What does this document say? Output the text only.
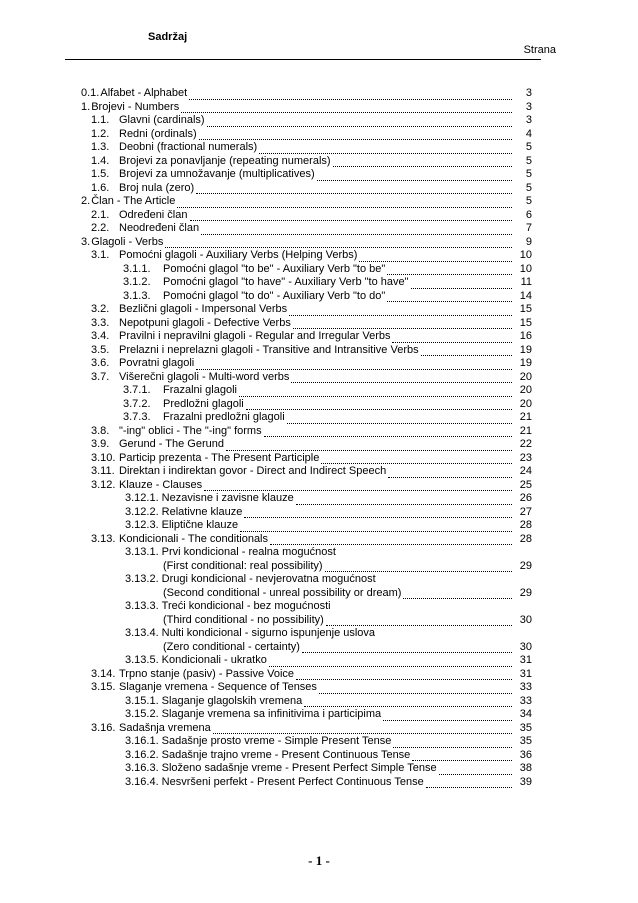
Sadržaj
Strana
0.1. Alfabet - Alphabet	3
1. Brojevi - Numbers	3
1.1. Glavni (cardinals)	3
1.2. Redni (ordinals)	4
1.3. Deobni (fractional numerals)	5
1.4. Brojevi za ponavljanje (repeating numerals)	5
1.5. Brojevi za umnožavanje (multiplicatives)	5
1.6. Broj nula (zero)	5
2. Član - The Article	5
2.1. Određeni član	6
2.2. Neodređeni član	7
3. Glagoli - Verbs	9
3.1. Pomoćni glagoli - Auxiliary Verbs (Helping Verbs)	10
3.1.1. Pomoćni glagol "to be" - Auxiliary Verb "to be"	10
3.1.2. Pomoćni glagol "to have" - Auxiliary Verb "to have"	11
3.1.3. Pomoćni glagol "to do" - Auxiliary Verb "to do"	14
3.2. Bezlični glagoli - Impersonal Verbs	15
3.3. Nepotpuni glagoli - Defective Verbs	15
3.4. Pravilni i nepravilni glagoli - Regular and Irregular Verbs	16
3.5. Prelazni i neprelazni glagoli - Transitive and Intransitive Verbs	19
3.6. Povratni glagoli	19
3.7. Višerečni glagoli - Multi-word verbs	20
3.7.1. Frazalni glagoli	20
3.7.2. Predložni glagoli	20
3.7.3. Frazalni predložni glagoli	21
3.8. "-ing" oblici - The "-ing" forms	21
3.9. Gerund - The Gerund	22
3.10. Particip prezenta - The Present Participle	23
3.11. Direktan i indirektan govor - Direct and Indirect Speech	24
3.12. Klauze - Clauses	25
3.12.1. Nezavisne i zavisne klauze	26
3.12.2. Relativne klauze	27
3.12.3. Eliptične klauze	28
3.13. Kondicionali - The conditionals	28
3.13.1. Prvi kondicional - realna mogućnost
(First conditional: real possibility)	29
3.13.2. Drugi kondicional - nevjerovatna mogućnost
(Second conditional - unreal possibility or dream)	29
3.13.3. Treći kondicional - bez mogućnosti
(Third conditional - no possibility)	30
3.13.4. Nulti kondicional - sigurno ispunjenje uslova
(Zero conditional - certainty)	30
3.13.5. Kondicionali - ukratko	31
3.14. Trpno stanje (pasiv) - Passive Voice	31
3.15. Slaganje vremena - Sequence of Tenses	33
3.15.1. Slaganje glagolskih vremena	33
3.15.2. Slaganje vremena sa infinitivima i participima	34
3.16. Sadašnja vremena	35
3.16.1. Sadašnje prosto vreme - Simple Present Tense	35
3.16.2. Sadašnje trajno vreme - Present Continuous Tense	36
3.16.3. Složeno sadašnje vreme - Present Perfect Simple Tense	38
3.16.4. Nesvršeni perfekt - Present Perfect Continuous Tense	39
- 1 -
